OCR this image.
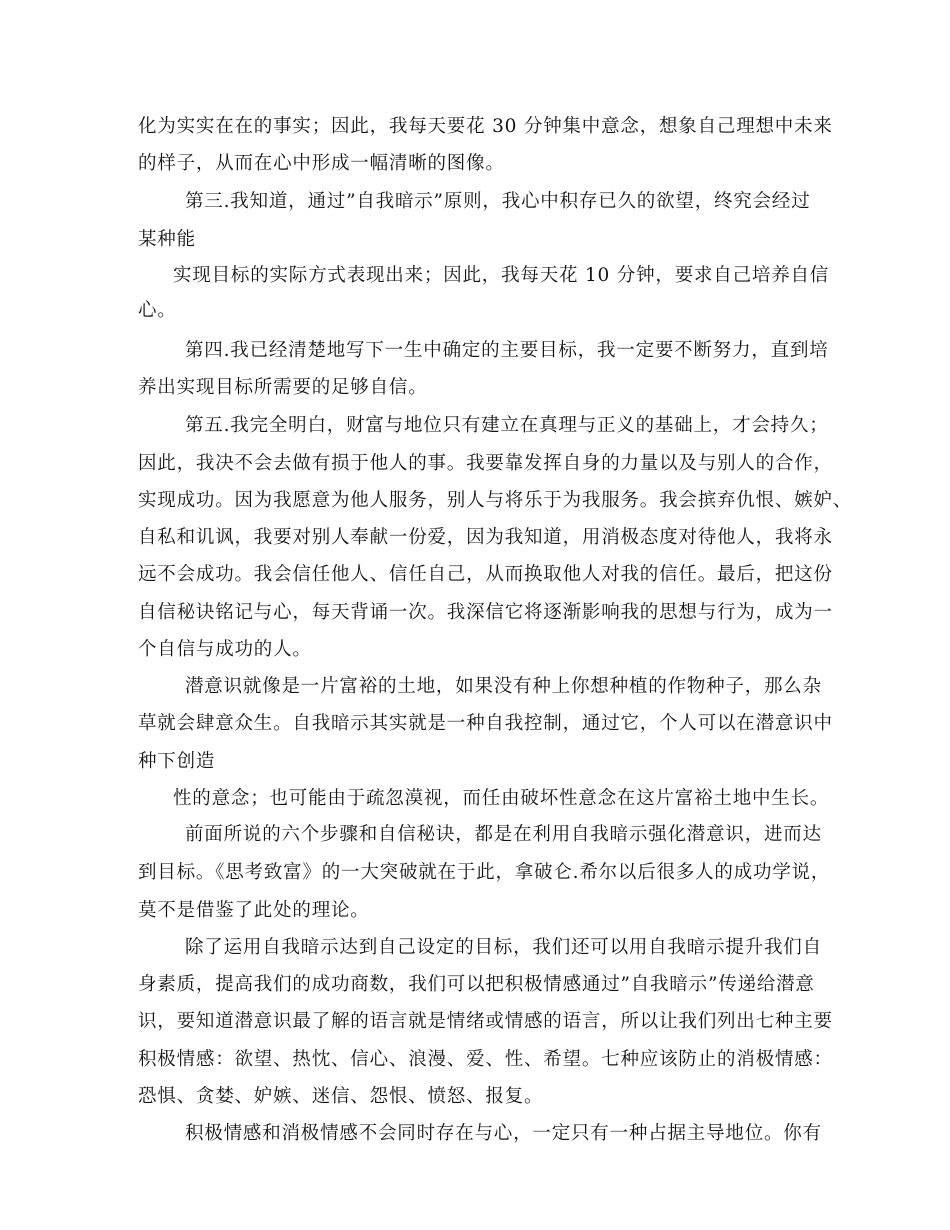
化为实实在在的事实；因此，我每天要花 30 分钟集中意念，想象自己理想中未来
的样子，从而在心中形成一幅清晰的图像。
第三.我知道，通过”自我暗示”原则，我心中积存已久的欲望，终究会经过
某种能
实现目标的实际方式表现出来；因此，我每天花 10 分钟，要求自己培养自信
心。
第四.我已经清楚地写下一生中确定的主要目标，我一定要不断努力，直到培
养出实现目标所需要的足够自信。
第五.我完全明白，财富与地位只有建立在真理与正义的基础上，才会持久；
因此，我决不会去做有损于他人的事。我要靠发挥自身的力量以及与别人的合作，
实现成功。因为我愿意为他人服务，别人与将乐于为我服务。我会摈弃仇恨、嫉妒、
自私和讥讽，我要对别人奉献一份爱，因为我知道，用消极态度对待他人，我将永
远不会成功。我会信任他人、信任自己，从而换取他人对我的信任。最后，把这份
自信秘诀铭记与心，每天背诵一次。我深信它将逐渐影响我的思想与行为，成为一
个自信与成功的人。
潜意识就像是一片富裕的土地，如果没有种上你想种植的作物种子，那么杂
草就会肆意众生。自我暗示其实就是一种自我控制，通过它，个人可以在潜意识中
种下创造
性的意念；也可能由于疏忽漠视，而任由破坏性意念在这片富裕土地中生长。
前面所说的六个步骤和自信秘诀，都是在利用自我暗示强化潜意识，进而达
到目标。《思考致富》的一大突破就在于此，拿破仑.希尔以后很多人的成功学说，
莫不是借鉴了此处的理论。
除了运用自我暗示达到自己设定的目标，我们还可以用自我暗示提升我们自
身素质，提高我们的成功商数，我们可以把积极情感通过”自我暗示”传递给潜意
识，要知道潜意识最了解的语言就是情绪或情感的语言，所以让我们列出七种主要
积极情感：欲望、热忱、信心、浪漫、爱、性、希望。七种应该防止的消极情感：
恐惧、贪婪、妒嫉、迷信、怨恨、愤怒、报复。
积极情感和消极情感不会同时存在与心，一定只有一种占据主导地位。你有
